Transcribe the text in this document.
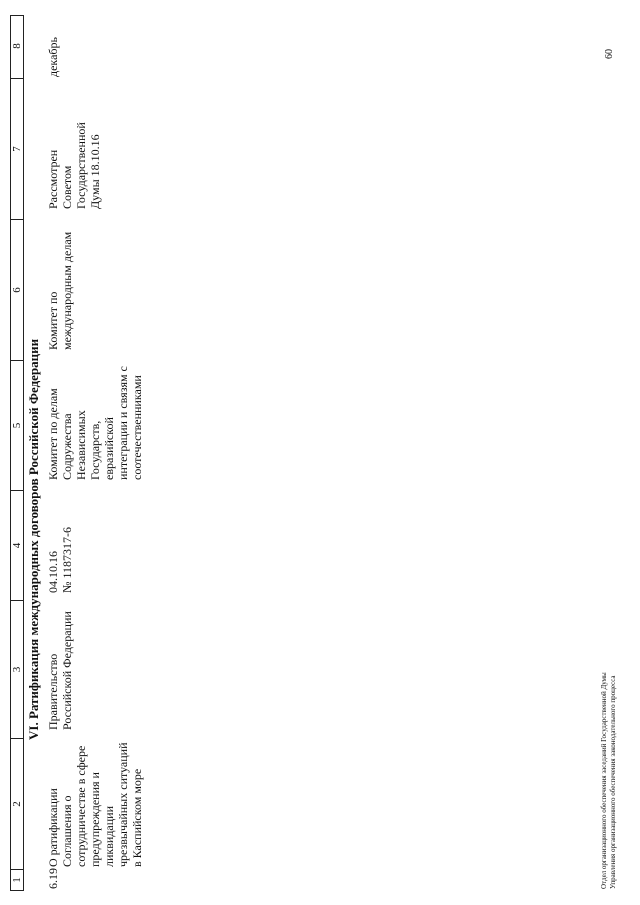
1
2
3
4
5
6
7
8
VI. Ратификация международных договоров Российской Федерации
6.19
О ратификации Соглашения о сотрудничестве в сфере предупреждения и ликвидации чрезвычайных ситуаций в Каспийском море
Правительство Российской Федерации
04.10.16 № 1187317-6
Комитет по делам Содружества Независимых Государств, евразийской интеграции и связям с соотечественниками
Комитет по международным делам
Рассмотрен Советом Государственной Думы 18.10.16
декабрь
Отдел организационного обеспечения заседаний Государственной Думы Управления организационного обеспечения законодательного процесса
60
